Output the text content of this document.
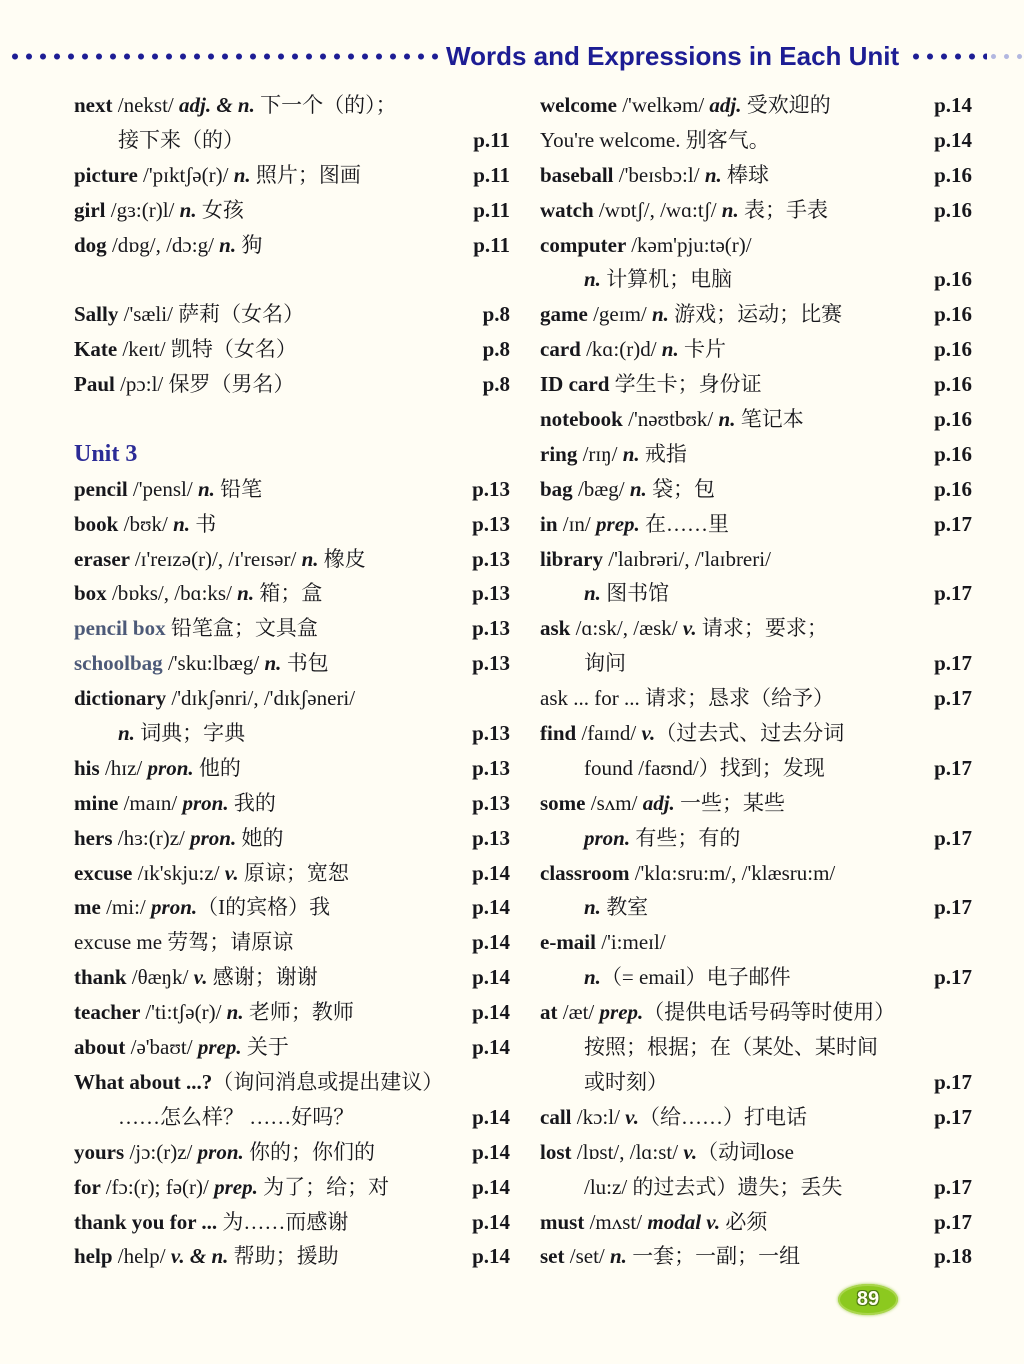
Words and Expressions in Each Unit
next /nekst/ adj. & n. 下一个（的）；
接下来（的）	p.11
picture /'pɪktʃə(r)/ n. 照片；图画	p.11
girl /gɜ:(r)l/ n. 女孩	p.11
dog /dɒg/, /dɔ:g/ n. 狗	p.11
Sally /'sæli/ 萨莉（女名）	p.8
Kate /keɪt/ 凯特（女名）	p.8
Paul /pɔ:l/ 保罗（男名）	p.8
Unit 3
pencil /'pensl/ n. 铅笔	p.13
book /bʊk/ n. 书	p.13
eraser /ɪ'reɪzə(r)/, /ɪ'reɪsər/ n. 橡皮	p.13
box /bɒks/, /bɑ:ks/ n. 箱；盒	p.13
pencil box 铅笔盒；文具盒	p.13
schoolbag /'sku:lbæg/ n. 书包	p.13
dictionary /'dɪkʃənri/, /'dɪkʃəneri/
n. 词典；字典	p.13
his /hɪz/ pron. 他的	p.13
mine /maɪn/ pron. 我的	p.13
hers /hɜ:(r)z/ pron. 她的	p.13
excuse /ɪk'skju:z/ v. 原谅；宽恕	p.14
me /mi:/ pron.（I的宾格）我	p.14
excuse me 劳驾；请原谅	p.14
thank /θæŋk/ v. 感谢；谢谢	p.14
teacher /'ti:tʃə(r)/ n. 老师；教师	p.14
about /ə'baʊt/ prep. 关于	p.14
What about ...?（询问消息或提出建议）
……怎么样？ ……好吗？	p.14
yours /jɔ:(r)z/ pron. 你的；你们的	p.14
for /fɔ:(r); fə(r)/ prep. 为了；给；对	p.14
thank you for ... 为……而感谢	p.14
help /help/ v. & n. 帮助；援助	p.14
welcome /'welkəm/ adj. 受欢迎的	p.14
You're welcome. 别客气。	p.14
baseball /'beɪsbɔ:l/ n. 棒球	p.16
watch /wɒtʃ/, /wɑ:tʃ/ n. 表；手表	p.16
computer /kəm'pju:tə(r)/
n. 计算机；电脑	p.16
game /geɪm/ n. 游戏；运动；比赛	p.16
card /kɑ:(r)d/ n. 卡片	p.16
ID card 学生卡；身份证	p.16
notebook /'nəʊtbʊk/ n. 笔记本	p.16
ring /rɪŋ/ n. 戒指	p.16
bag /bæg/ n. 袋；包	p.16
in /ɪn/ prep. 在……里	p.17
library /'laɪbrəri/, /'laɪbreri/
n. 图书馆	p.17
ask /ɑ:sk/, /æsk/ v. 请求；要求；
询问	p.17
ask ... for ... 请求；恳求（给予）	p.17
find /faɪnd/ v.（过去式、过去分词
found /faʊnd/）找到；发现	p.17
some /sʌm/ adj. 一些；某些
pron. 有些；有的	p.17
classroom /'klɑ:sru:m/, /'klæsru:m/
n. 教室	p.17
e-mail /'i:meɪl/
n.（= email）电子邮件	p.17
at /æt/ prep.（提供电话号码等时使用）
按照；根据；在（某处、某时间
或时刻）	p.17
call /kɔ:l/ v.（给……）打电话	p.17
lost /lɒst/, /lɑ:st/ v.（动词lose
/lu:z/ 的过去式）遗失；丢失	p.17
must /mʌst/ modal v. 必须	p.17
set /set/ n. 一套；一副；一组	p.18
89
